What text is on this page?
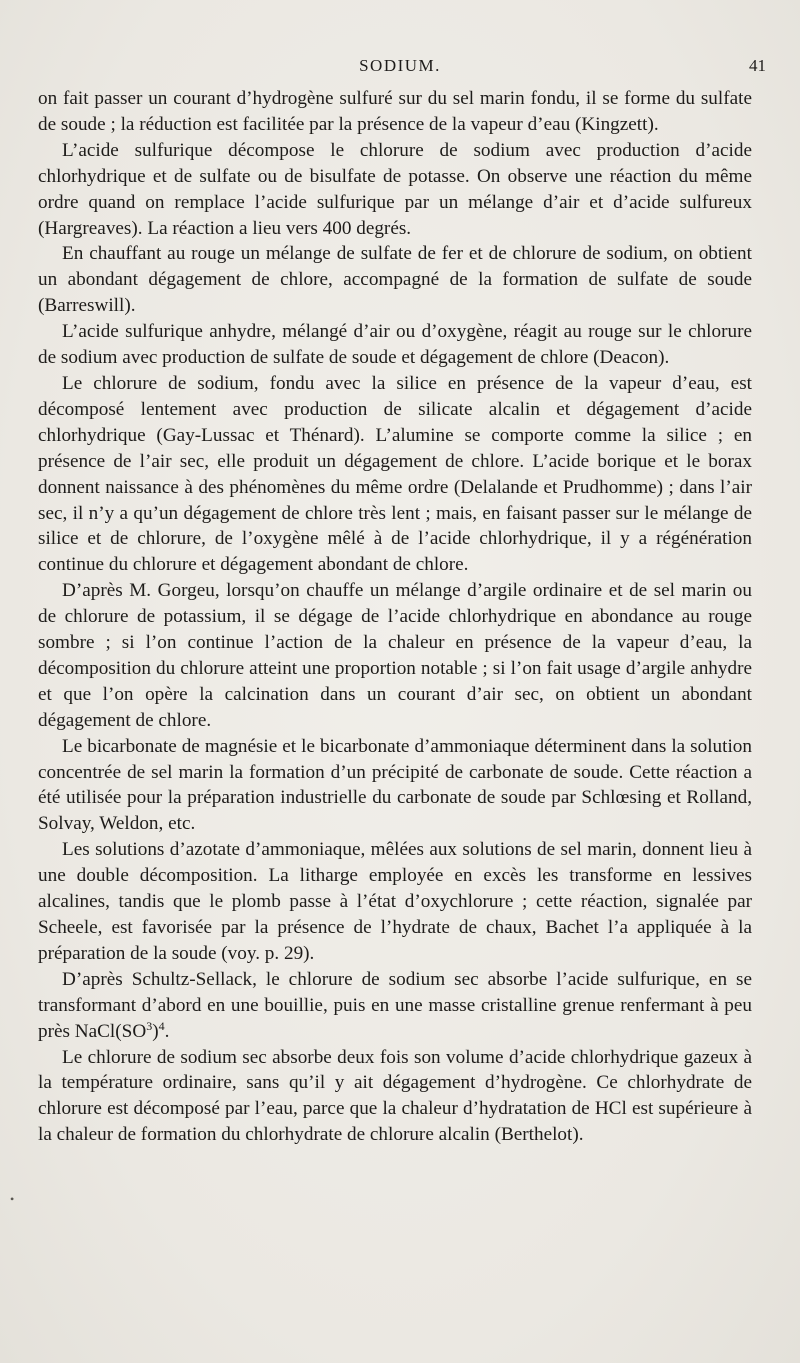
SODIUM.	41

on fait passer un courant d’hydrogène sulfuré sur du sel marin fondu, il se forme du sulfate de soude ; la réduction est facilitée par la présence de la vapeur d’eau (Kingzett).

L’acide sulfurique décompose le chlorure de sodium avec production d’acide chlorhydrique et de sulfate ou de bisulfate de potasse. On observe une réaction du même ordre quand on remplace l’acide sulfurique par un mélange d’air et d’acide sulfureux (Hargreaves). La réaction a lieu vers 400 degrés.

En chauffant au rouge un mélange de sulfate de fer et de chlorure de sodium, on obtient un abondant dégagement de chlore, accompagné de la formation de sulfate de soude (Barreswill).

L’acide sulfurique anhydre, mélangé d’air ou d’oxygène, réagit au rouge sur le chlorure de sodium avec production de sulfate de soude et dégagement de chlore (Deacon).

Le chlorure de sodium, fondu avec la silice en présence de la vapeur d’eau, est décomposé lentement avec production de silicate alcalin et dégagement d’acide chlorhydrique (Gay-Lussac et Thénard). L’alumine se comporte comme la silice ; en présence de l’air sec, elle produit un dégagement de chlore. L’acide borique et le borax donnent naissance à des phénomènes du même ordre (Delalande et Prudhomme) ; dans l’air sec, il n’y a qu’un dégagement de chlore très lent ; mais, en faisant passer sur le mélange de silice et de chlorure, de l’oxygène mêlé à de l’acide chlorhydrique, il y a régénération continue du chlorure et dégagement abondant de chlore.

D’après M. Gorgeu, lorsqu’on chauffe un mélange d’argile ordinaire et de sel marin ou de chlorure de potassium, il se dégage de l’acide chlorhydrique en abondance au rouge sombre ; si l’on continue l’action de la chaleur en présence de la vapeur d’eau, la décomposition du chlorure atteint une proportion notable ; si l’on fait usage d’argile anhydre et que l’on opère la calcination dans un courant d’air sec, on obtient un abondant dégagement de chlore.

Le bicarbonate de magnésie et le bicarbonate d’ammoniaque déterminent dans la solution concentrée de sel marin la formation d’un précipité de carbonate de soude. Cette réaction a été utilisée pour la préparation industrielle du carbonate de soude par Schlœsing et Rolland, Solvay, Weldon, etc.

Les solutions d’azotate d’ammoniaque, mêlées aux solutions de sel marin, donnent lieu à une double décomposition. La litharge employée en excès les transforme en lessives alcalines, tandis que le plomb passe à l’état d’oxychlorure ; cette réaction, signalée par Scheele, est favorisée par la présence de l’hydrate de chaux, Bachet l’a appliquée à la préparation de la soude (voy. p. 29).

D’après Schultz-Sellack, le chlorure de sodium sec absorbe l’acide sulfurique, en se transformant d’abord en une bouillie, puis en une masse cristalline grenue renfermant à peu près $NaCl(SO^3)^4$.

Le chlorure de sodium sec absorbe deux fois son volume d’acide chlorhydrique gazeux à la température ordinaire, sans qu’il y ait dégagement d’hydrogène. Ce chlorhydrate de chlorure est décomposé par l’eau, parce que la chaleur d’hydratation de HCl est supérieure à la chaleur de formation du chlorhydrate de chlorure alcalin (Berthelot).

•
